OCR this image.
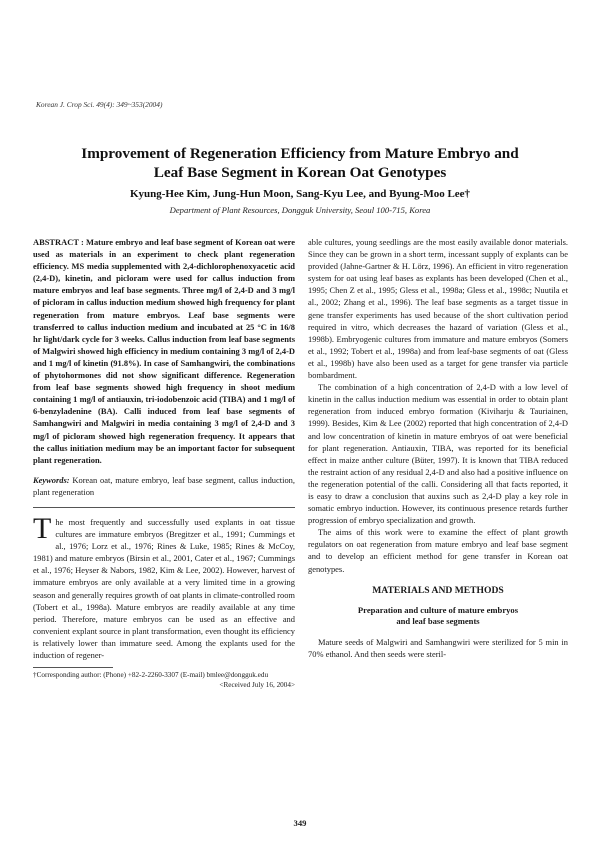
Korean J. Crop Sci. 49(4): 349~353(2004)
Improvement of Regeneration Efficiency from Mature Embryo and
Leaf Base Segment in Korean Oat Genotypes
Kyung-Hee Kim, Jung-Hun Moon, Sang-Kyu Lee, and Byung-Moo Lee†
Department of Plant Resources, Dongguk University, Seoul 100-715, Korea

ABSTRACT : Mature embryo and leaf base segment of Korean oat were used as materials in an experiment to check plant regeneration efficiency. MS media supplemented with 2,4-dichlorophenoxyacetic acid (2,4-D), kinetin, and picloram were used for callus induction from mature embryos and leaf base segments. Three mg/l of 2,4-D and 3 mg/l of picloram in callus induction medium showed high frequency for plant regeneration from mature embryos. Leaf base segments were transferred to callus induction medium and incubated at 25 °C in 16/8 hr light/dark cycle for 3 weeks. Callus induction from leaf base segments of Malgwiri showed high efficiency in medium containing 3 mg/l of 2,4-D and 1 mg/l of kinetin (91.8%). In case of Samhangwiri, the combinations of phytohormones did not show significant difference. Regeneration from leaf base segments showed high frequency in shoot medium containing 1 mg/l of antiauxin, tri-iodobenzoic acid (TIBA) and 1 mg/l of 6-benzyladenine (BA). Calli induced from leaf base segments of Samhangwiri and Malgwiri in media containing 3 mg/l of 2,4-D and 3 mg/l of picloram showed high regeneration frequency. It appears that the callus initiation medium may be an important factor for subsequent plant regeneration.

Keywords: Korean oat, mature embryo, leaf base segment, callus induction, plant regeneration

T he most frequently and successfully used explants in oat tissue cultures are immature embryos (Bregitzer et al., 1991; Cummings et al., 1976; Lorz et al., 1976; Rines & Luke, 1985; Rines & McCoy, 1981) and mature embryos (Birsin et al., 2001, Cater et al., 1967; Cummings et al., 1976; Heyser & Nabors, 1982, Kim & Lee, 2002). However, harvest of immature embryos are only available at a very limited time in a growing season and generally requires growth of oat plants in climate-controlled room (Tobert et al., 1998a). Mature embryos are readily available at any time period. Therefore, mature embryos can be used as an effective and convenient explant source in plant transformation, even thought its efficiency is relatively lower than immature seed. Among the explants used for the induction of regener-

†Corresponding author: (Phone) +82-2-2260-3307 (E-mail) bmlee@dongguk.edu
<Received July 16, 2004>

able cultures, young seedlings are the most easily available donor materials. Since they can be grown in a short term, incessant supply of explants can be provided (Jahne-Gartner & H. Lörz, 1996). An efficient in vitro regeneration system for oat using leaf bases as explants has been developed (Chen et al., 1995; Chen Z et al., 1995; Gless et al., 1998a; Gless et al., 1998c; Nuutila et al., 2002; Zhang et al., 1996). The leaf base segments as a target tissue in gene transfer experiments has used because of the short cultivation period required in vitro, which decreases the hazard of variation (Gless et al., 1998b). Embryogenic cultures from immature and mature embryos (Somers et al., 1992; Tobert et al., 1998a) and from leaf-base segments of oat (Gless et al., 1998b) have also been used as a target for gene transfer via particle bombardment.

The combination of a high concentration of 2,4-D with a low level of kinetin in the callus induction medium was essential in order to obtain plant regeneration from induced embryo formation (Kiviharju & Tauriainen, 1999). Besides, Kim & Lee (2002) reported that high concentration of 2,4-D and low concentration of kinetin in mature embryos of oat were beneficial for plant regeneration. Antiauxin, TIBA, was reported for its beneficial effect in maize anther culture (Büter, 1997). It is known that TIBA reduced the restraint action of any residual 2,4-D and also had a positive influence on the regeneration potential of the calli. Considering all that facts reported, it is easy to draw a conclusion that auxins such as 2,4-D play a key role in somatic embryo induction. However, its continuous presence retards further progression of embryo specialization and growth.

The aims of this work were to examine the effect of plant growth regulators on oat regeneration from mature embryo and leaf base segment and to develop an efficient method for gene transfer in Korean oat genotypes.

MATERIALS AND METHODS
Preparation and culture of mature embryos
and leaf base segments

Mature seeds of Malgwiri and Samhangwiri were sterilized for 5 min in 70% ethanol. And then seeds were steril-

349
